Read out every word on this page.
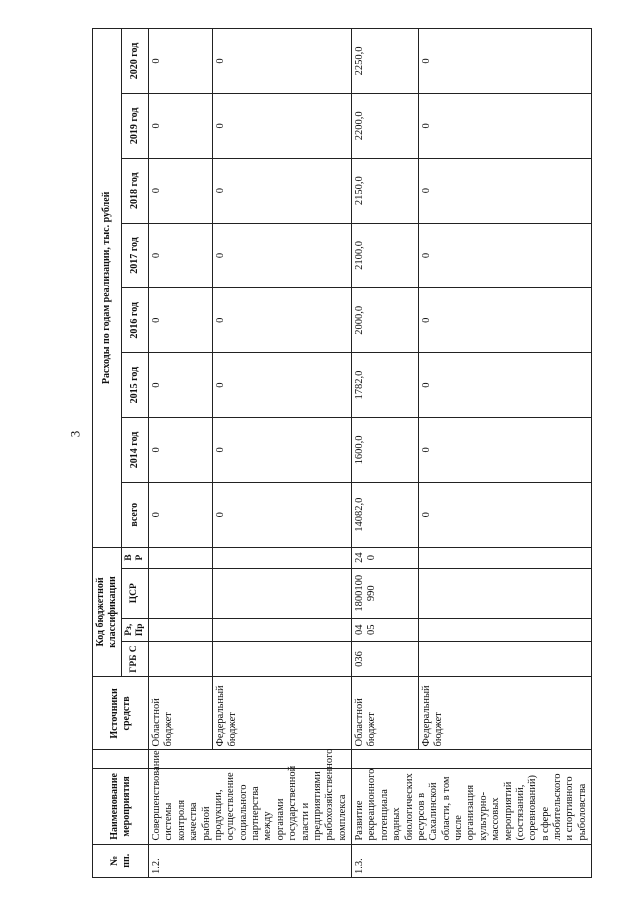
3
№ пп.	Наименование мероприятия		Источники средств	Код бюджетной классификации				Расходы по годам реализации, тыс. рублей							
				ГРБ С	Рз, Пр	ЦСР	В Р	всего	2014 год	2015 год	2016 год	2017 год	2018 год	2019 год	2020 год
1.2.	Совершенствование системы контроля качества рыбной продукции, осуществление социального партнерства между органами государственной власти и предприятиями рыбохозяйственного комплекса		Областной бюджет					0	0	0	0	0	0	0	0
			Федеральный бюджет					0	0	0	0	0	0	0	0
1.3.	Развитие рекреационного потенциала водных биологических ресурсов в Сахалинской области, в том числе организация культурно-массовых мероприятий (состязаний, соревнований) в сфере любительского и спортивного рыболовства		Областной бюджет	036	04 05	1800100 990	24 0	14082,0	1600,0	1782,0	2000,0	2100,0	2150,0	2200,0	2250,0
			Федеральный бюджет					0	0	0	0	0	0	0	0
